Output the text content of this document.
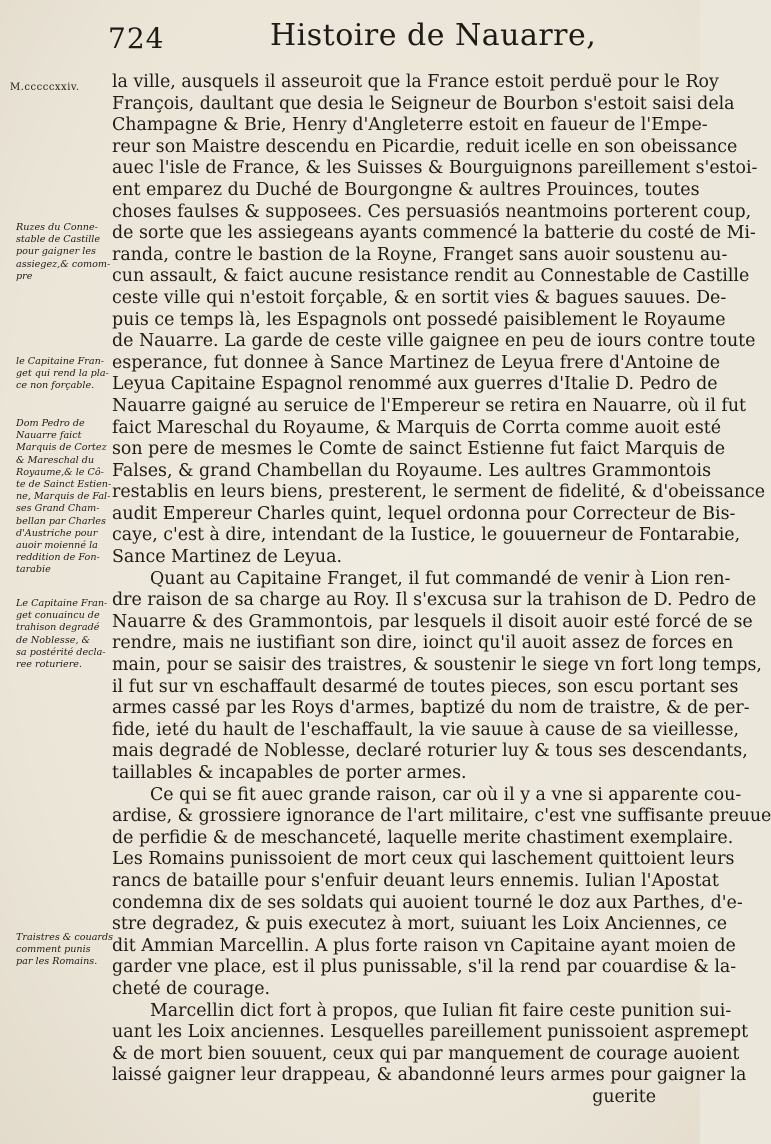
724	Histoire de Nauarre,
M.cccccxxiv.
Ruzes du Conne-
stable de Castille
pour gaigner les
assiegez,& comom-
pre
le Capitaine Fran-
get qui rend la pla-
ce non forçable.
Dom Pedro de
Nauarre faict
Marquis de Cortez
& Mareschal du
Royaume,& le Cô-
te de Sainct Estien-
ne, Marquis de Fal-
ses Grand Cham-
bellan par Charles
d'Austriche pour
auoir moienné la
reddition de Fon-
tarabie
Le Capitaine Fran-
get conuaincu de
trahison degradé
de Noblesse, &
sa postérité decla-
ree roturiere.
Traistres & couards
comment punis
par les Romains.
la ville, ausquels il asseuroit que la France estoit perduë pour le Roy
François, daultant que desia le Seigneur de Bourbon s'estoit saisi dela
Champagne & Brie, Henry d'Angleterre estoit en faueur de l'Empe-
reur son Maistre descendu en Picardie, reduit icelle en son obeissance
auec l'isle de France, & les Suisses & Bourguignons pareillement s'estoi-
ent emparez du Duché de Bourgongne & aultres Prouinces, toutes
choses faulses & supposees. Ces persuasiós neantmoins porterent coup,
de sorte que les assiegeans ayants commencé la batterie du costé de Mi-
randa, contre le bastion de la Royne, Franget sans auoir soustenu au-
cun assault, & faict aucune resistance rendit au Connestable de Castille
ceste ville qui n'estoit forçable, & en sortit vies & bagues sauues. De-
puis ce temps là, les Espagnols ont possedé paisiblement le Royaume
de Nauarre. La garde de ceste ville gaignee en peu de iours contre toute
esperance, fut donnee à Sance Martinez de Leyua frere d'Antoine de
Leyua Capitaine Espagnol renommé aux guerres d'Italie D. Pedro de
Nauarre gaigné au seruice de l'Empereur se retira en Nauarre, où il fut
faict Mareschal du Royaume, & Marquis de Corrta comme auoit esté
son pere de mesmes le Comte de sainct Estienne fut faict Marquis de
Falses, & grand Chambellan du Royaume. Les aultres Grammontois
restablis en leurs biens, presterent, le serment de fidelité, & d'obeissance
audit Empereur Charles quint, lequel ordonna pour Correcteur de Bis-
caye, c'est à dire, intendant de la Iustice, le gouuerneur de Fontarabie,
Sance Martinez de Leyua.
Quant au Capitaine Franget, il fut commandé de venir à Lion ren-
dre raison de sa charge au Roy. Il s'excusa sur la trahison de D. Pedro de
Nauarre & des Grammontois, par lesquels il disoit auoir esté forcé de se
rendre, mais ne iustifiant son dire, ioinct qu'il auoit assez de forces en
main, pour se saisir des traistres, & soustenir le siege vn fort long temps,
il fut sur vn eschaffault desarmé de toutes pieces, son escu portant ses
armes cassé par les Roys d'armes, baptizé du nom de traistre, & de per-
fide, ieté du hault de l'eschaffault, la vie sauue à cause de sa vieillesse,
mais degradé de Noblesse, declaré roturier luy & tous ses descendants,
taillables & incapables de porter armes.
Ce qui se fit auec grande raison, car où il y a vne si apparente cou-
ardise, & grossiere ignorance de l'art militaire, c'est vne suffisante preuue
de perfidie & de meschanceté, laquelle merite chastiment exemplaire.
Les Romains punissoient de mort ceux qui laschement quittoient leurs
rancs de bataille pour s'enfuir deuant leurs ennemis. Iulian l'Apostat
condemna dix de ses soldats qui auoient tourné le doz aux Parthes, d'e-
stre degradez, & puis executez à mort, suiuant les Loix Anciennes, ce
dit Ammian Marcellin. A plus forte raison vn Capitaine ayant moien de
garder vne place, est il plus punissable, s'il la rend par couardise & la-
cheté de courage.
Marcellin dict fort à propos, que Iulian fit faire ceste punition sui-
uant les Loix anciennes. Lesquelles pareillement punissoient aspremept
& de mort bien souuent, ceux qui par manquement de courage auoient
laissé gaigner leur drappeau, & abandonné leurs armes pour gaigner la
guerite
